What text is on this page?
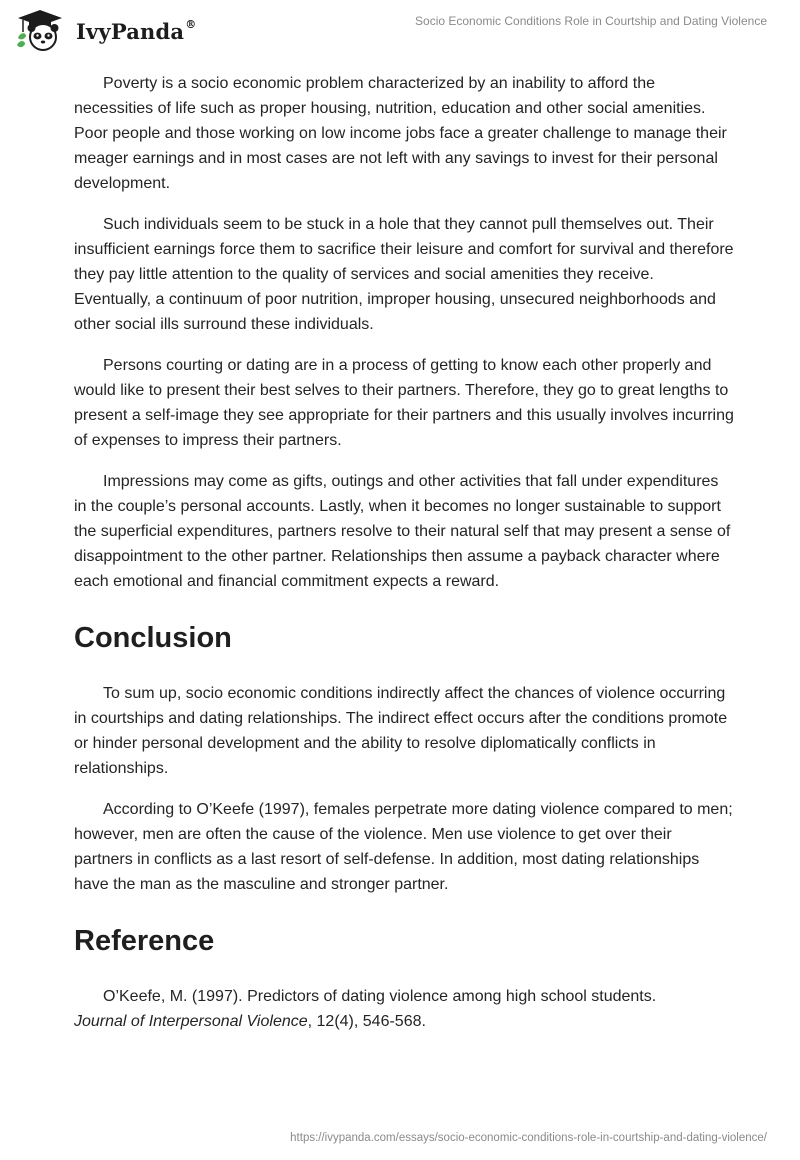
IvyPanda®	Socio Economic Conditions Role in Courtship and Dating Violence

Poverty is a socio economic problem characterized by an inability to afford the necessities of life such as proper housing, nutrition, education and other social amenities. Poor people and those working on low income jobs face a greater challenge to manage their meager earnings and in most cases are not left with any savings to invest for their personal development.

Such individuals seem to be stuck in a hole that they cannot pull themselves out. Their insufficient earnings force them to sacrifice their leisure and comfort for survival and therefore they pay little attention to the quality of services and social amenities they receive. Eventually, a continuum of poor nutrition, improper housing, unsecured neighborhoods and other social ills surround these individuals.

Persons courting or dating are in a process of getting to know each other properly and would like to present their best selves to their partners. Therefore, they go to great lengths to present a self-image they see appropriate for their partners and this usually involves incurring of expenses to impress their partners.

Impressions may come as gifts, outings and other activities that fall under expenditures in the couple’s personal accounts. Lastly, when it becomes no longer sustainable to support the superficial expenditures, partners resolve to their natural self that may present a sense of disappointment to the other partner. Relationships then assume a payback character where each emotional and financial commitment expects a reward.

Conclusion

To sum up, socio economic conditions indirectly affect the chances of violence occurring in courtships and dating relationships. The indirect effect occurs after the conditions promote or hinder personal development and the ability to resolve diplomatically conflicts in relationships.

According to O’Keefe (1997), females perpetrate more dating violence compared to men; however, men are often the cause of the violence. Men use violence to get over their partners in conflicts as a last resort of self-defense. In addition, most dating relationships have the man as the masculine and stronger partner.

Reference

O’Keefe, M. (1997). Predictors of dating violence among high school students.
Journal of Interpersonal Violence, 12(4), 546-568.

https://ivypanda.com/essays/socio-economic-conditions-role-in-courtship-and-dating-violence/
